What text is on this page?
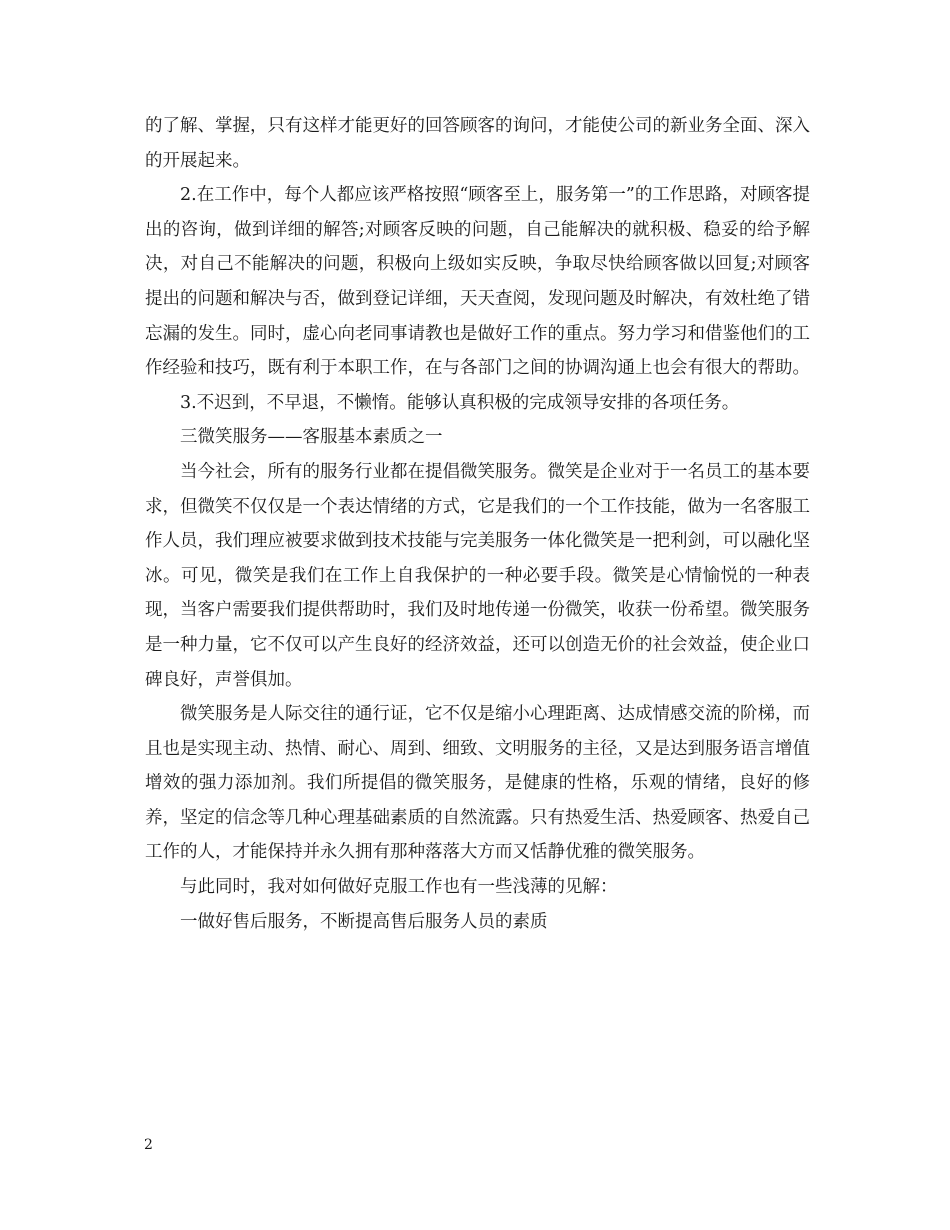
的了解、掌握，只有这样才能更好的回答顾客的询问，才能使公司的新业务全面、深入的开展起来。

2.在工作中，每个人都应该严格按照“顾客至上，服务第一”的工作思路，对顾客提出的咨询，做到详细的解答;对顾客反映的问题，自己能解决的就积极、稳妥的给予解决，对自己不能解决的问题，积极向上级如实反映，争取尽快给顾客做以回复;对顾客提出的问题和解决与否，做到登记详细，天天查阅，发现问题及时解决，有效杜绝了错忘漏的发生。同时，虚心向老同事请教也是做好工作的重点。努力学习和借鉴他们的工作经验和技巧，既有利于本职工作，在与各部门之间的协调沟通上也会有很大的帮助。

3.不迟到，不早退，不懒惰。能够认真积极的完成领导安排的各项任务。

三微笑服务——客服基本素质之一

当今社会，所有的服务行业都在提倡微笑服务。微笑是企业对于一名员工的基本要求，但微笑不仅仅是一个表达情绪的方式，它是我们的一个工作技能，做为一名客服工作人员，我们理应被要求做到技术技能与完美服务一体化微笑是一把利剑，可以融化坚冰。可见，微笑是我们在工作上自我保护的一种必要手段。微笑是心情愉悦的一种表现，当客户需要我们提供帮助时，我们及时地传递一份微笑，收获一份希望。微笑服务是一种力量，它不仅可以产生良好的经济效益，还可以创造无价的社会效益，使企业口碑良好，声誉俱加。

微笑服务是人际交往的通行证，它不仅是缩小心理距离、达成情感交流的阶梯，而且也是实现主动、热情、耐心、周到、细致、文明服务的主径，又是达到服务语言增值增效的强力添加剂。我们所提倡的微笑服务，是健康的性格，乐观的情绪，良好的修养，坚定的信念等几种心理基础素质的自然流露。只有热爱生活、热爱顾客、热爱自己工作的人，才能保持并永久拥有那种落落大方而又恬静优雅的微笑服务。

与此同时，我对如何做好克服工作也有一些浅薄的见解：

一做好售后服务，不断提高售后服务人员的素质

2
